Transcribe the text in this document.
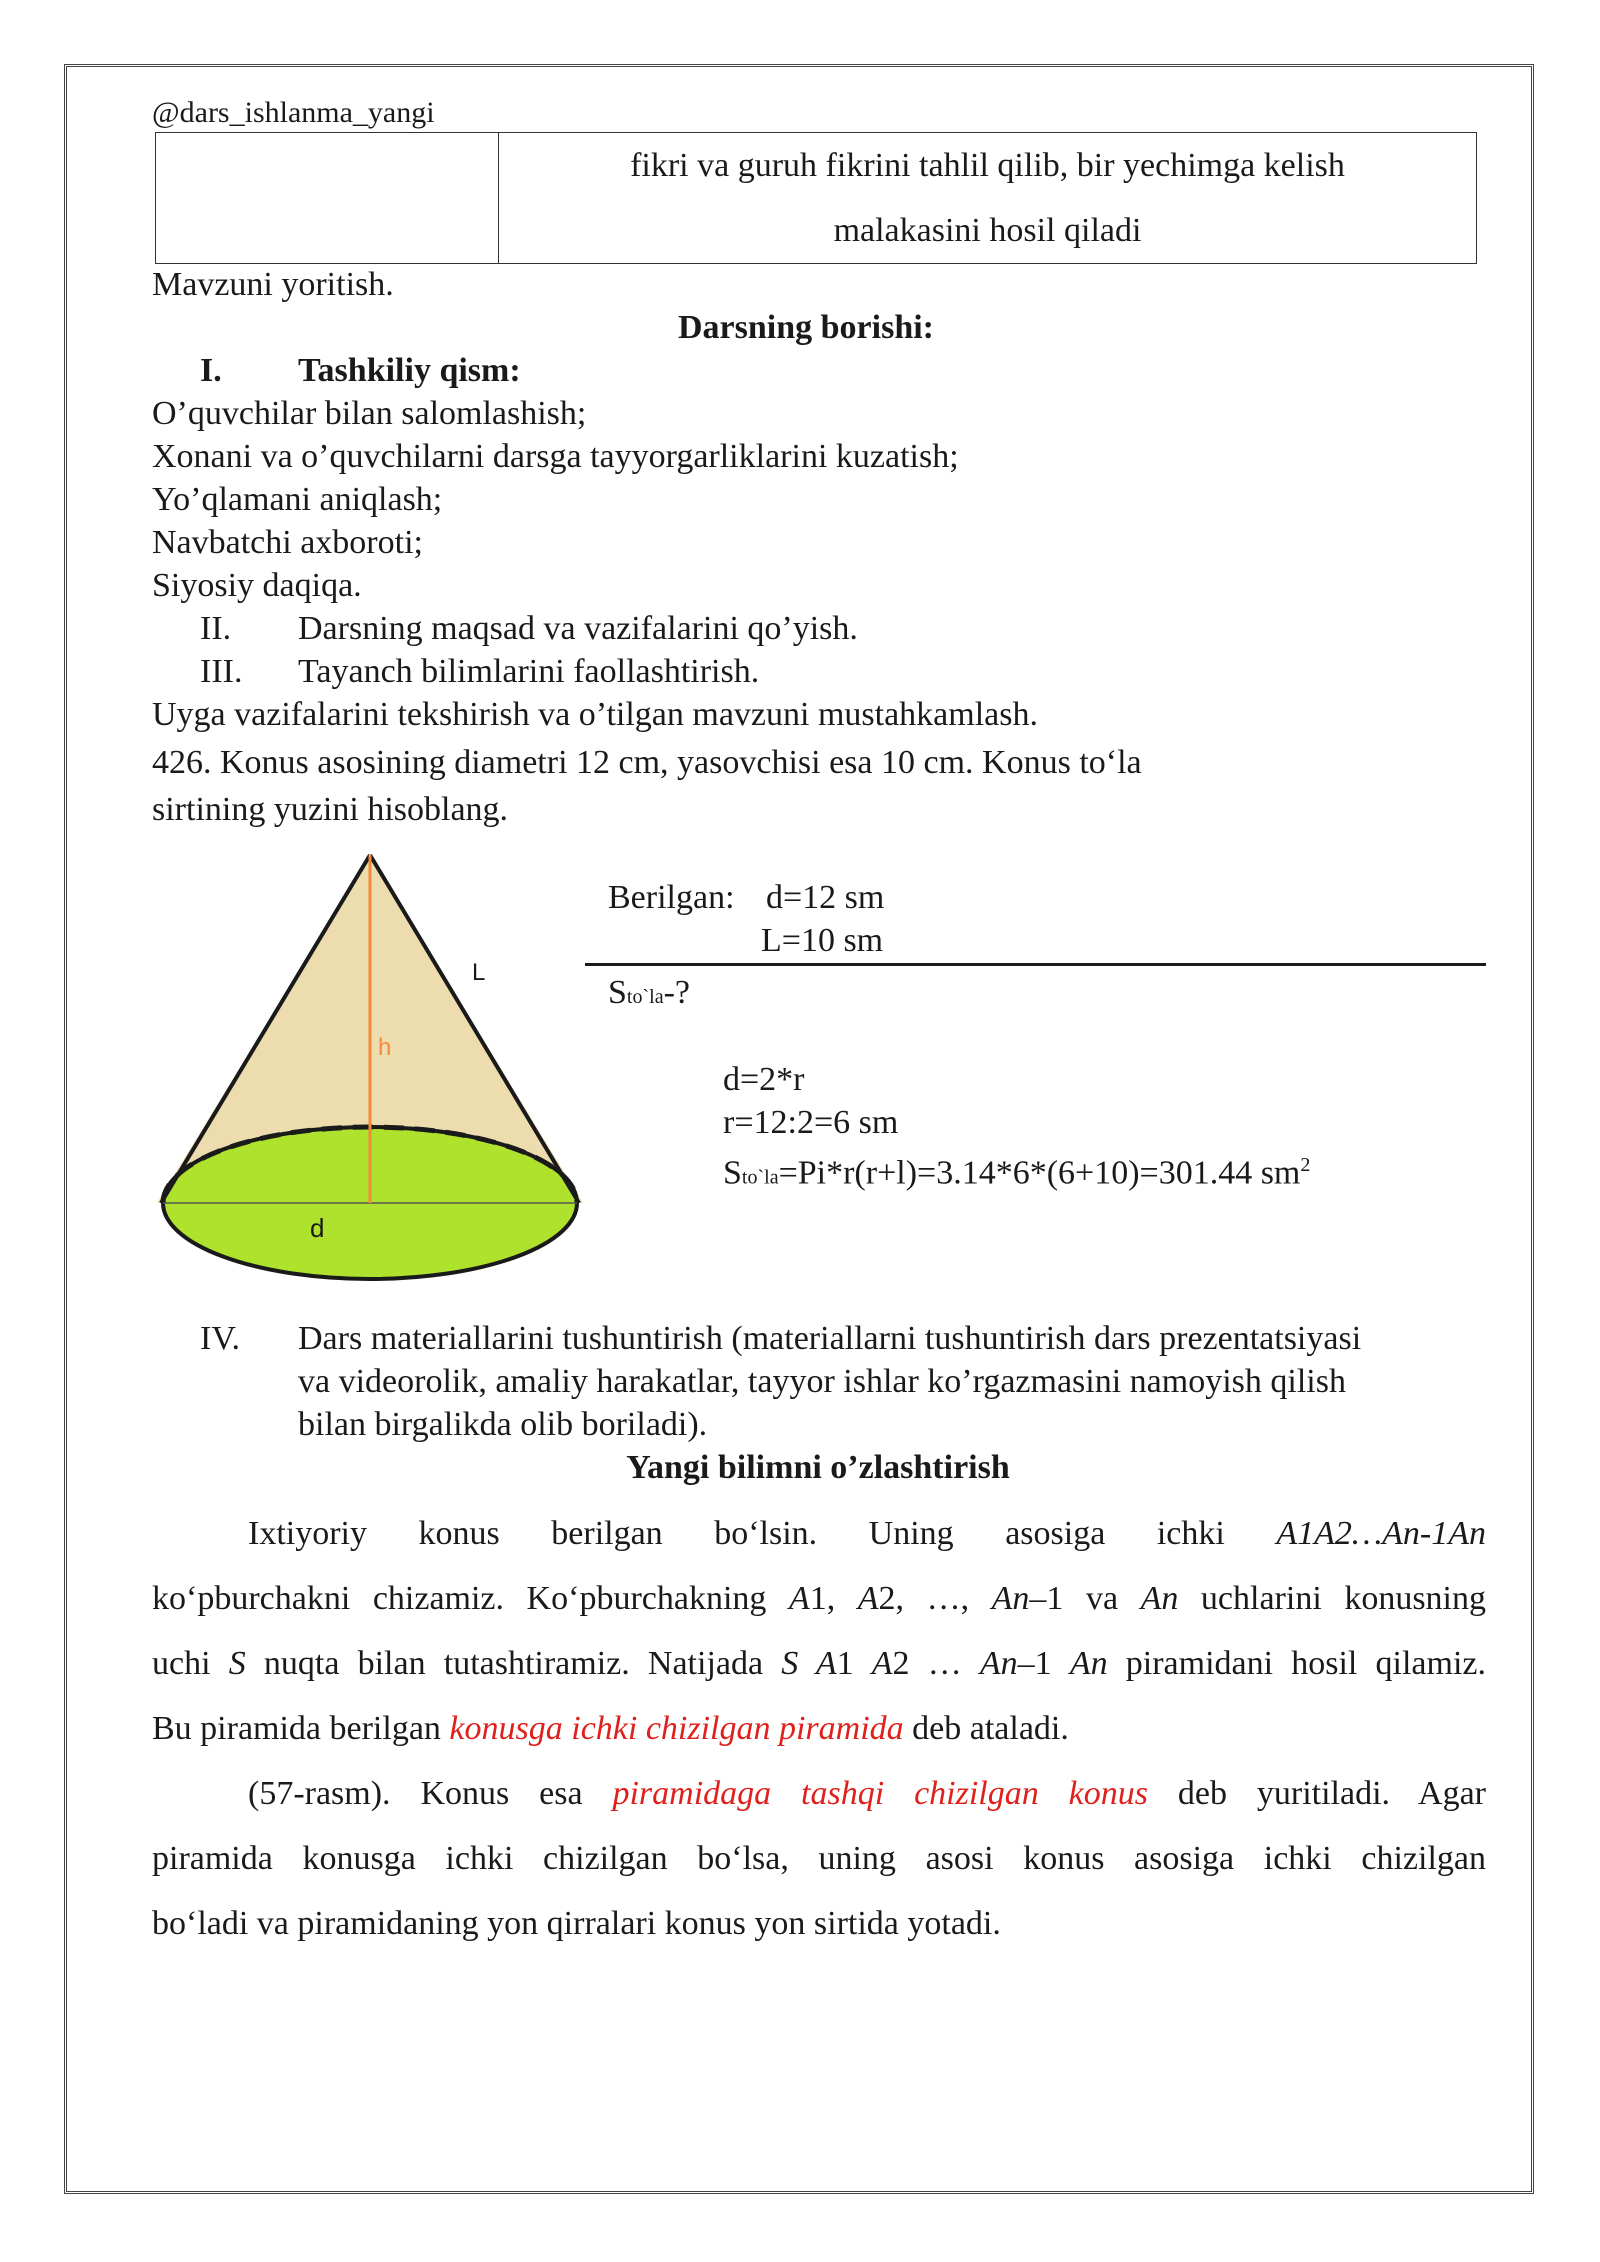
@dars_ishlanma_yangi

fikri va guruh fikrini tahlil qilib, bir yechimga kelish
malakasini hosil qiladi
Mavzuni yoritish.
Darsning borishi:
I. Tashkiliy qism:
O’quvchilar bilan salomlashish;
Xonani va o’quvchilarni darsga tayyorgarliklarini kuzatish;
Yo’qlamani aniqlash;
Navbatchi axboroti;
Siyosiy daqiqa.
II. Darsning maqsad va vazifalarini qo’yish.
III. Tayanch bilimlarini faollashtirish.
Uyga vazifalarini tekshirish va o’tilgan mavzuni mustahkamlash.
426. Konus asosining diametri 12 cm, yasovchisi esa 10 cm. Konus to‘la
sirtining yuzini hisoblang.
L
h
d
Berilgan: d=12 sm
L=10 sm
Sto`la-?
d=2*r
r=12:2=6 sm
Sto`la=Pi*r(r+l)=3.14*6*(6+10)=301.44 $sm^2$
IV. Dars materiallarini tushuntirish (materiallarni tushuntirish dars prezentatsiyasi
va videorolik, amaliy harakatlar, tayyor ishlar ko’rgazmasini namoyish qilish
bilan birgalikda olib boriladi).
Yangi bilimni o’zlashtirish
Ixtiyoriy konus berilgan bo‘lsin. Uning asosiga ichki A1A2…An-1An
ko‘pburchakni chizamiz. Ko‘pburchakning A1, A2, …, An–1 va An uchlarini konusning
uchi S nuqta bilan tutashtiramiz. Natijada S A1 A2 … An–1 An piramidani hosil qilamiz.
Bu piramida berilgan konusga ichki chizilgan piramida deb ataladi.
(57-rasm). Konus esa piramidaga tashqi chizilgan konus deb yuritiladi. Agar
piramida konusga ichki chizilgan bo‘lsa, uning asosi konus asosiga ichki chizilgan
bo‘ladi va piramidaning yon qirralari konus yon sirtida yotadi.
